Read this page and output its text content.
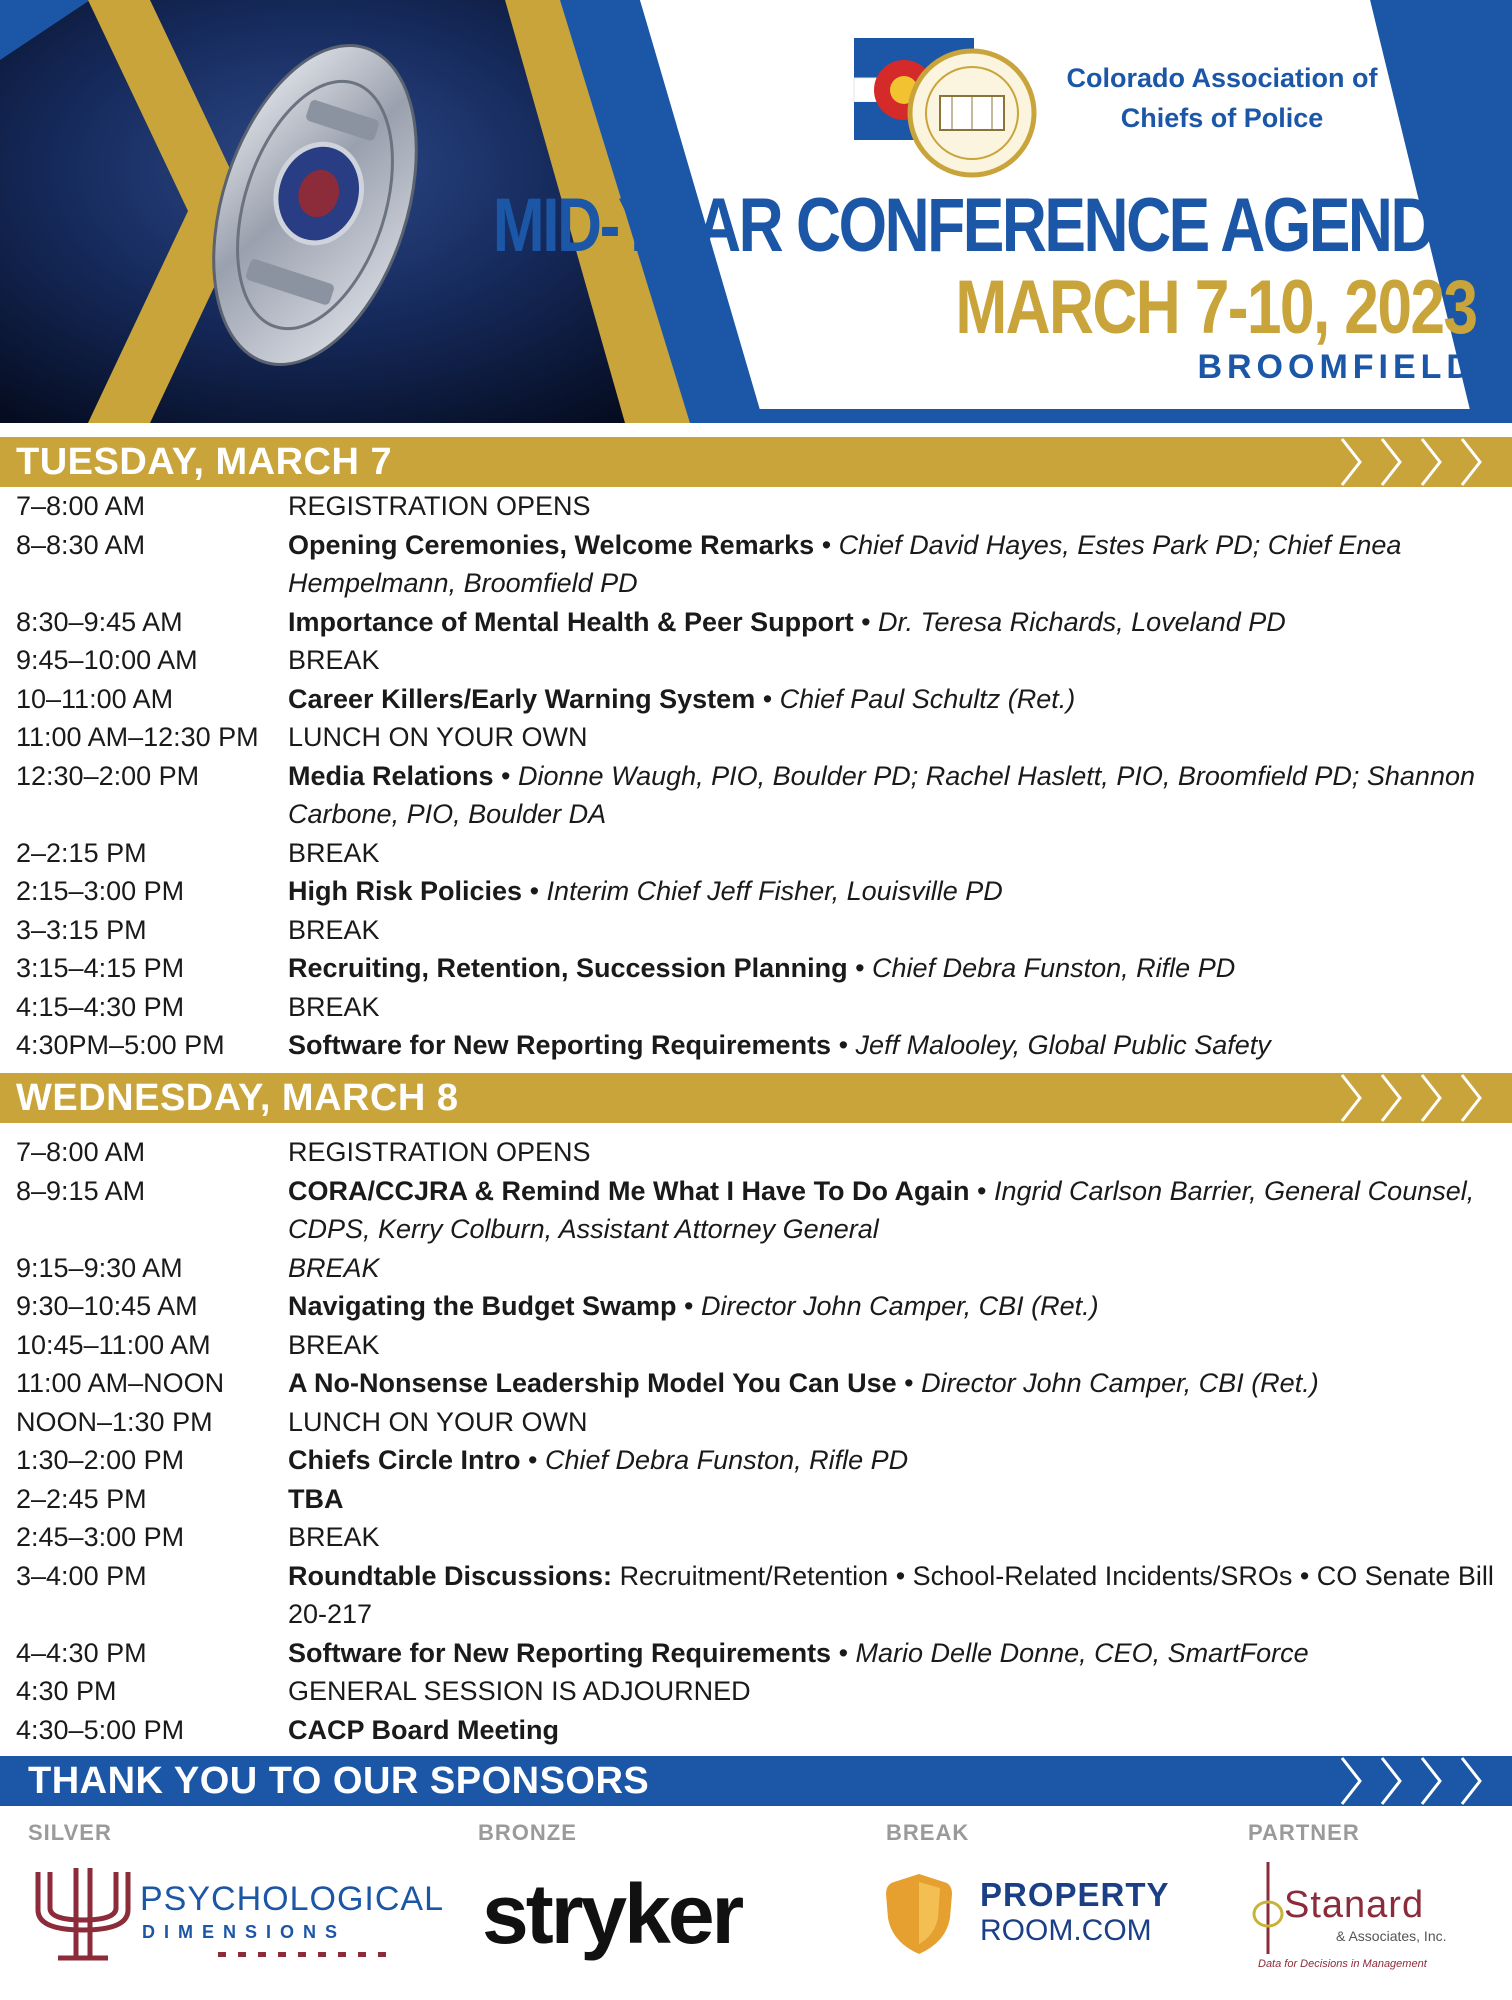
Colorado Association of
Chiefs of Police
MID-YEAR CONFERENCE AGENDA
MARCH 7-10, 2023
BROOMFIELD
TUESDAY, MARCH 7
7–8:00 AM	REGISTRATION OPENS
8–8:30 AM	Opening Ceremonies, Welcome Remarks • Chief David Hayes, Estes Park PD; Chief Enea Hempelmann, Broomfield PD
8:30–9:45 AM	Importance of Mental Health & Peer Support • Dr. Teresa Richards, Loveland PD
9:45–10:00 AM	BREAK
10–11:00 AM	Career Killers/Early Warning System • Chief Paul Schultz (Ret.)
11:00 AM–12:30 PM LUNCH ON YOUR OWN
12:30–2:00 PM	Media Relations • Dionne Waugh, PIO, Boulder PD; Rachel Haslett, PIO, Broomfield PD; Shannon Carbone, PIO, Boulder DA
2–2:15 PM	BREAK
2:15–3:00 PM	High Risk Policies • Interim Chief Jeff Fisher, Louisville PD
3–3:15 PM	BREAK
3:15–4:15 PM	Recruiting, Retention, Succession Planning • Chief Debra Funston, Rifle PD
4:15–4:30 PM	BREAK
4:30PM–5:00 PM Software for New Reporting Requirements • Jeff Malooley, Global Public Safety
WEDNESDAY, MARCH 8
7–8:00 AM	REGISTRATION OPENS
8–9:15 AM	CORA/CCJRA & Remind Me What I Have To Do Again • Ingrid Carlson Barrier, General Counsel, CDPS, Kerry Colburn, Assistant Attorney General
9:15–9:30 AM	BREAK
9:30–10:45 AM	Navigating the Budget Swamp • Director John Camper, CBI (Ret.)
10:45–11:00 AM	BREAK
11:00 AM–NOON A No-Nonsense Leadership Model You Can Use • Director John Camper, CBI (Ret.)
NOON–1:30 PM	LUNCH ON YOUR OWN
1:30–2:00 PM	Chiefs Circle Intro • Chief Debra Funston, Rifle PD
2–2:45 PM	TBA
2:45–3:00 PM	BREAK
3–4:00 PM	Roundtable Discussions: Recruitment/Retention • School-Related Incidents/SROs • CO Senate Bill 20-217
4–4:30 PM	Software for New Reporting Requirements • Mario Delle Donne, CEO, SmartForce
4:30 PM	GENERAL SESSION IS ADJOURNED
4:30–5:00 PM	CACP Board Meeting
THANK YOU TO OUR SPONSORS
SILVER	BRONZE	BREAK	PARTNER
PSYCHOLOGICAL
DIMENSIONS stryker	PROPERTY
ROOM.COM
Stanard
& Associates, Inc.
Data for Decisions in Management
